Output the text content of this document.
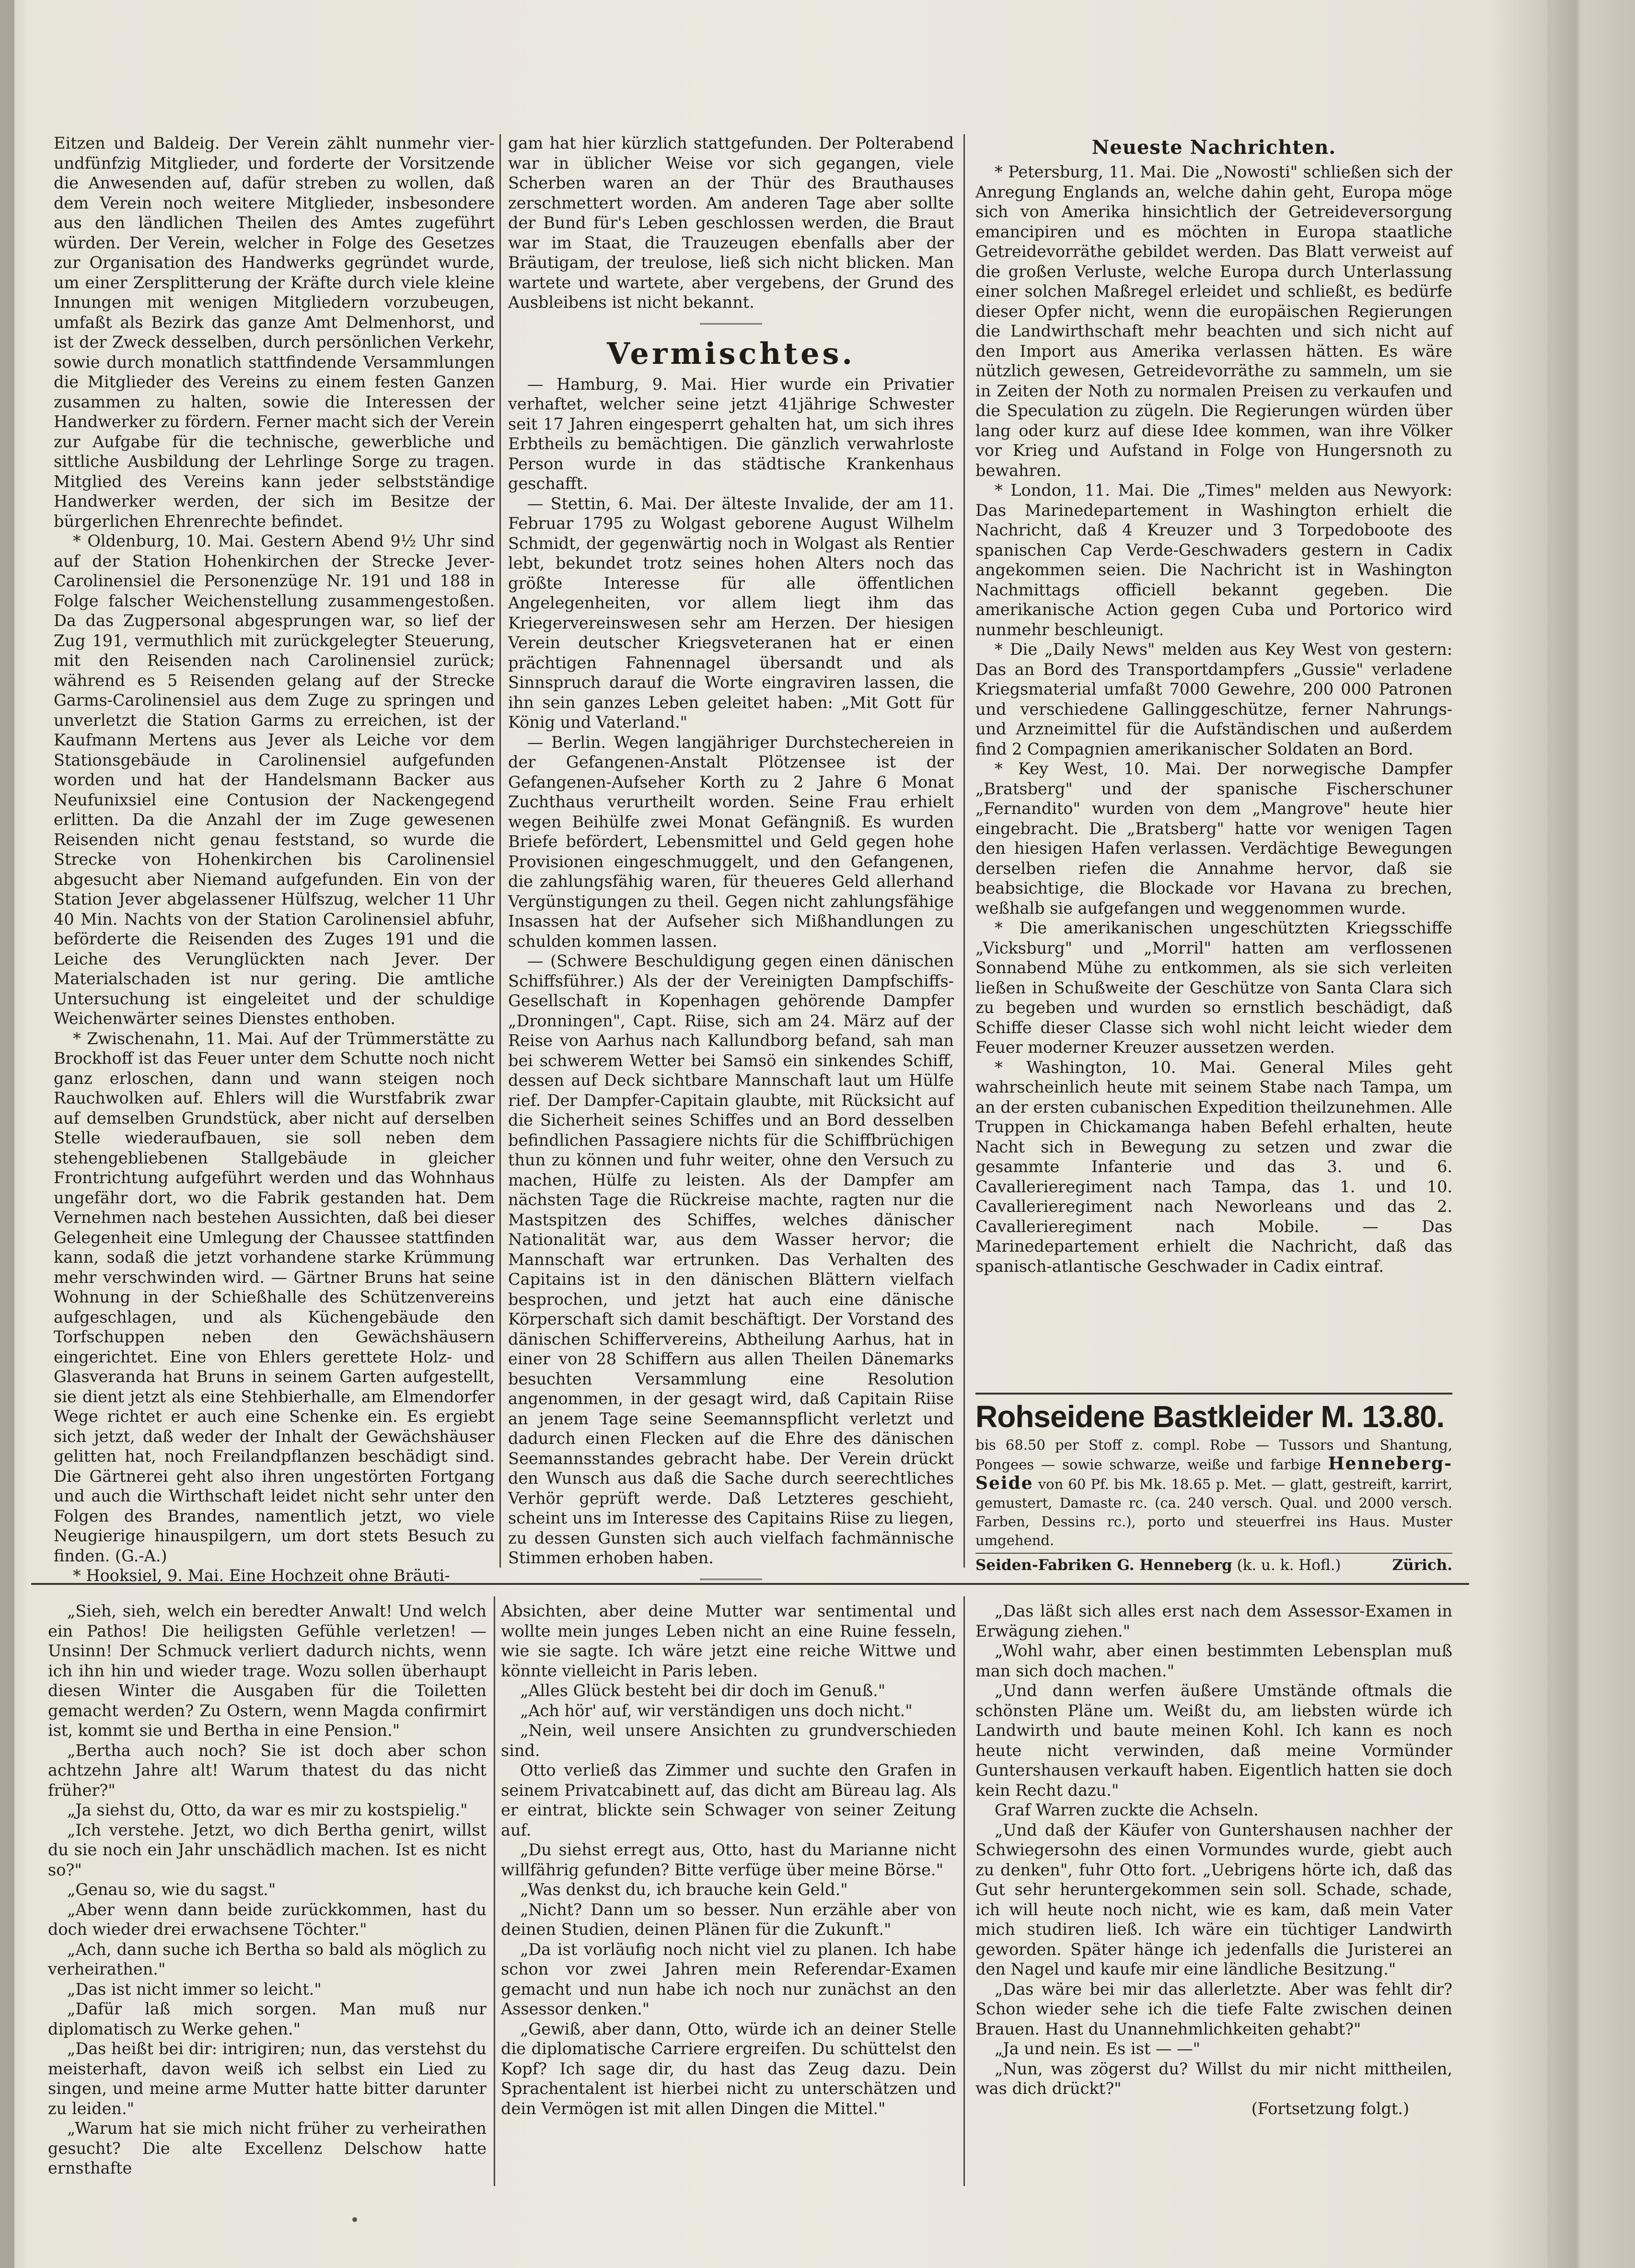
Eitzen und Baldeig. Der Verein zählt nunmehr vier-undfünfzig Mitglieder, und forderte der Vorsitzende die Anwesenden auf, dafür streben zu wollen, daß dem Verein noch weitere Mitglieder, insbesondere aus den ländlichen Theilen des Amtes zugeführt würden. Der Verein, welcher in Folge des Gesetzes zur Organisation des Handwerks gegründet wurde, um einer Zersplitterung der Kräfte durch viele kleine Innungen mit wenigen Mitgliedern vorzubeugen, umfaßt als Bezirk das ganze Amt Delmenhorst, und ist der Zweck desselben, durch persönlichen Verkehr, sowie durch monatlich stattfindende Versammlungen die Mitglieder des Vereins zu einem festen Ganzen zusammen zu halten, sowie die Interessen der Handwerker zu fördern. Ferner macht sich der Verein zur Aufgabe für die technische, gewerbliche und sittliche Ausbildung der Lehrlinge Sorge zu tragen. Mitglied des Vereins kann jeder selbstständige Handwerker werden, der sich im Besitze der bürgerlichen Ehrenrechte befindet.

* Oldenburg, 10. Mai. Gestern Abend 9½ Uhr sind auf der Station Hohenkirchen der Strecke Jever-Carolinensiel die Personenzüge Nr. 191 und 188 in Folge falscher Weichenstellung zusammengestoßen. Da das Zugpersonal abgesprungen war, so lief der Zug 191, vermuthlich mit zurückgelegter Steuerung, mit den Reisenden nach Carolinensiel zurück; während es 5 Reisenden gelang auf der Strecke Garms-Carolinensiel aus dem Zuge zu springen und unverletzt die Station Garms zu erreichen, ist der Kaufmann Mertens aus Jever als Leiche vor dem Stationsgebäude in Carolinensiel aufgefunden worden und hat der Handelsmann Backer aus Neufunixsiel eine Contusion der Nackengegend erlitten. Da die Anzahl der im Zuge gewesenen Reisenden nicht genau feststand, so wurde die Strecke von Hohenkirchen bis Carolinensiel abgesucht aber Niemand aufgefunden. Ein von der Station Jever abgelassener Hülfszug, welcher 11 Uhr 40 Min. Nachts von der Station Carolinensiel abfuhr, beförderte die Reisenden des Zuges 191 und die Leiche des Verunglückten nach Jever. Der Materialschaden ist nur gering. Die amtliche Untersuchung ist eingeleitet und der schuldige Weichenwärter seines Dienstes enthoben.

* Zwischenahn, 11. Mai. Auf der Trümmerstätte zu Brockhoff ist das Feuer unter dem Schutte noch nicht ganz erloschen, dann und wann steigen noch Rauchwolken auf. Ehlers will die Wurstfabrik zwar auf demselben Grundstück, aber nicht auf derselben Stelle wiederaufbauen, sie soll neben dem stehengebliebenen Stallgebäude in gleicher Frontrichtung aufgeführt werden und das Wohnhaus ungefähr dort, wo die Fabrik gestanden hat. Dem Vernehmen nach bestehen Aussichten, daß bei dieser Gelegenheit eine Umlegung der Chaussee stattfinden kann, sodaß die jetzt vorhandene starke Krümmung mehr verschwinden wird. — Gärtner Bruns hat seine Wohnung in der Schießhalle des Schützenvereins aufgeschlagen, und als Küchengebäude den Torfschuppen neben den Gewächshäusern eingerichtet. Eine von Ehlers gerettete Holz- und Glasveranda hat Bruns in seinem Garten aufgestellt, sie dient jetzt als eine Stehbierhalle, am Elmendorfer Wege richtet er auch eine Schenke ein. Es ergiebt sich jetzt, daß weder der Inhalt der Gewächshäuser gelitten hat, noch Freilandpflanzen beschädigt sind. Die Gärtnerei geht also ihren ungestörten Fortgang und auch die Wirthschaft leidet nicht sehr unter den Folgen des Brandes, namentlich jetzt, wo viele Neugierige hinauspilgern, um dort stets Besuch zu finden. (G.-A.)

* Hooksiel, 9. Mai. Eine Hochzeit ohne Bräuti-

gam hat hier kürzlich stattgefunden. Der Polterabend war in üblicher Weise vor sich gegangen, viele Scherben waren an der Thür des Brauthauses zerschmettert worden. Am anderen Tage aber sollte der Bund für's Leben geschlossen werden, die Braut war im Staat, die Trauzeugen ebenfalls aber der Bräutigam, der treulose, ließ sich nicht blicken. Man wartete und wartete, aber vergebens, der Grund des Ausbleibens ist nicht bekannt.

Vermischtes.

— Hamburg, 9. Mai. Hier wurde ein Privatier verhaftet, welcher seine jetzt 41jährige Schwester seit 17 Jahren eingesperrt gehalten hat, um sich ihres Erbtheils zu bemächtigen. Die gänzlich verwahrloste Person wurde in das städtische Krankenhaus geschafft.

— Stettin, 6. Mai. Der älteste Invalide, der am 11. Februar 1795 zu Wolgast geborene August Wilhelm Schmidt, der gegenwärtig noch in Wolgast als Rentier lebt, bekundet trotz seines hohen Alters noch das größte Interesse für alle öffentlichen Angelegenheiten, vor allem liegt ihm das Kriegervereinswesen sehr am Herzen. Der hiesigen Verein deutscher Kriegsveteranen hat er einen prächtigen Fahnennagel übersandt und als Sinnspruch darauf die Worte eingraviren lassen, die ihn sein ganzes Leben geleitet haben: „Mit Gott für König und Vaterland."

— Berlin. Wegen langjähriger Durchstechereien in der Gefangenen-Anstalt Plötzensee ist der Gefangenen-Aufseher Korth zu 2 Jahre 6 Monat Zuchthaus verurtheilt worden. Seine Frau erhielt wegen Beihülfe zwei Monat Gefängniß. Es wurden Briefe befördert, Lebensmittel und Geld gegen hohe Provisionen eingeschmuggelt, und den Gefangenen, die zahlungsfähig waren, für theueres Geld allerhand Vergünstigungen zu theil. Gegen nicht zahlungsfähige Insassen hat der Aufseher sich Mißhandlungen zu schulden kommen lassen.

— (Schwere Beschuldigung gegen einen dänischen Schiffsführer.) Als der der Vereinigten Dampfschiffs-Gesellschaft in Kopenhagen gehörende Dampfer „Dronningen", Capt. Riise, sich am 24. März auf der Reise von Aarhus nach Kallundborg befand, sah man bei schwerem Wetter bei Samsö ein sinkendes Schiff, dessen auf Deck sichtbare Mannschaft laut um Hülfe rief. Der Dampfer-Capitain glaubte, mit Rücksicht auf die Sicherheit seines Schiffes und an Bord desselben befindlichen Passagiere nichts für die Schiffbrüchigen thun zu können und fuhr weiter, ohne den Versuch zu machen, Hülfe zu leisten. Als der Dampfer am nächsten Tage die Rückreise machte, ragten nur die Mastspitzen des Schiffes, welches dänischer Nationalität war, aus dem Wasser hervor; die Mannschaft war ertrunken. Das Verhalten des Capitains ist in den dänischen Blättern vielfach besprochen, und jetzt hat auch eine dänische Körperschaft sich damit beschäftigt. Der Vorstand des dänischen Schiffervereins, Abtheilung Aarhus, hat in einer von 28 Schiffern aus allen Theilen Dänemarks besuchten Versammlung eine Resolution angenommen, in der gesagt wird, daß Capitain Riise an jenem Tage seine Seemannspflicht verletzt und dadurch einen Flecken auf die Ehre des dänischen Seemannsstandes gebracht habe. Der Verein drückt den Wunsch aus daß die Sache durch seerechtliches Verhör geprüft werde. Daß Letzteres geschieht, scheint uns im Interesse des Capitains Riise zu liegen, zu dessen Gunsten sich auch vielfach fachmännische Stimmen erhoben haben.

Neueste Nachrichten.

* Petersburg, 11. Mai. Die „Nowosti" schließen sich der Anregung Englands an, welche dahin geht, Europa möge sich von Amerika hinsichtlich der Getreideversorgung emancipiren und es möchten in Europa staatliche Getreidevorräthe gebildet werden. Das Blatt verweist auf die großen Verluste, welche Europa durch Unterlassung einer solchen Maßregel erleidet und schließt, es bedürfe dieser Opfer nicht, wenn die europäischen Regierungen die Landwirthschaft mehr beachten und sich nicht auf den Import aus Amerika verlassen hätten. Es wäre nützlich gewesen, Getreidevorräthe zu sammeln, um sie in Zeiten der Noth zu normalen Preisen zu verkaufen und die Speculation zu zügeln. Die Regierungen würden über lang oder kurz auf diese Idee kommen, wan ihre Völker vor Krieg und Aufstand in Folge von Hungersnoth zu bewahren.

* London, 11. Mai. Die „Times" melden aus Newyork: Das Marinedepartement in Washington erhielt die Nachricht, daß 4 Kreuzer und 3 Torpedoboote des spanischen Cap Verde-Geschwaders gestern in Cadix angekommen seien. Die Nachricht ist in Washington Nachmittags officiell bekannt gegeben. Die amerikanische Action gegen Cuba und Portorico wird nunmehr beschleunigt.

* Die „Daily News" melden aus Key West von gestern: Das an Bord des Transportdampfers „Gussie" verladene Kriegsmaterial umfaßt 7000 Gewehre, 200 000 Patronen und verschiedene Gallinggeschütze, ferner Nahrungs- und Arzneimittel für die Aufständischen und außerdem find 2 Compagnien amerikanischer Soldaten an Bord.

* Key West, 10. Mai. Der norwegische Dampfer „Bratsberg" und der spanische Fischerschuner „Fernandito" wurden von dem „Mangrove" heute hier eingebracht. Die „Bratsberg" hatte vor wenigen Tagen den hiesigen Hafen verlassen. Verdächtige Bewegungen derselben riefen die Annahme hervor, daß sie beabsichtige, die Blockade vor Havana zu brechen, weßhalb sie aufgefangen und weggenommen wurde.

* Die amerikanischen ungeschützten Kriegsschiffe „Vicksburg" und „Morril" hatten am verflossenen Sonnabend Mühe zu entkommen, als sie sich verleiten ließen in Schußweite der Geschütze von Santa Clara sich zu begeben und wurden so ernstlich beschädigt, daß Schiffe dieser Classe sich wohl nicht leicht wieder dem Feuer moderner Kreuzer aussetzen werden.

* Washington, 10. Mai. General Miles geht wahrscheinlich heute mit seinem Stabe nach Tampa, um an der ersten cubanischen Expedition theilzunehmen. Alle Truppen in Chickamanga haben Befehl erhalten, heute Nacht sich in Bewegung zu setzen und zwar die gesammte Infanterie und das 3. und 6. Cavallerieregiment nach Tampa, das 1. und 10. Cavallerieregiment nach Neworleans und das 2. Cavallerieregiment nach Mobile. — Das Marinedepartement erhielt die Nachricht, daß das spanisch-atlantische Geschwader in Cadix eintraf.

Rohseidene Bastkleider M. 13.80.
bis 68.50 per Stoff z. compl. Robe — Tussors und Shantung, Pongees — sowie schwarze, weiße und farbige Henneberg- Seide von 60 Pf. bis Mk. 18.65 p. Met. — glatt, gestreift, karrirt, gemustert, Damaste rc. (ca. 240 versch. Qual. und 2000 versch. Farben, Dessins rc.), porto und steuerfrei ins Haus. Muster umgehend.
Seiden-Fabriken G. Henneberg (k. u. k. Hofl.)	Zürich.

„Sieh, sieh, welch ein beredter Anwalt! Und welch ein Pathos! Die heiligsten Gefühle verletzen! — Unsinn! Der Schmuck verliert dadurch nichts, wenn ich ihn hin und wieder trage. Wozu sollen überhaupt diesen Winter die Ausgaben für die Toiletten gemacht werden? Zu Ostern, wenn Magda confirmirt ist, kommt sie und Bertha in eine Pension."

„Bertha auch noch? Sie ist doch aber schon achtzehn Jahre alt! Warum thatest du das nicht früher?"

„Ja siehst du, Otto, da war es mir zu kostspielig."

„Ich verstehe. Jetzt, wo dich Bertha genirt, willst du sie noch ein Jahr unschädlich machen. Ist es nicht so?"

„Genau so, wie du sagst."

„Aber wenn dann beide zurückkommen, hast du doch wieder drei erwachsene Töchter."

„Ach, dann suche ich Bertha so bald als möglich zu verheirathen."

„Das ist nicht immer so leicht."

„Dafür laß mich sorgen. Man muß nur diplomatisch zu Werke gehen."

„Das heißt bei dir: intrigiren; nun, das verstehst du meisterhaft, davon weiß ich selbst ein Lied zu singen, und meine arme Mutter hatte bitter darunter zu leiden."

„Warum hat sie mich nicht früher zu verheirathen gesucht? Die alte Excellenz Delschow hatte ernsthafte

Absichten, aber deine Mutter war sentimental und wollte mein junges Leben nicht an eine Ruine fesseln, wie sie sagte. Ich wäre jetzt eine reiche Wittwe und könnte vielleicht in Paris leben.

„Alles Glück besteht bei dir doch im Genuß."

„Ach hör' auf, wir verständigen uns doch nicht."

„Nein, weil unsere Ansichten zu grundverschieden sind.

Otto verließ das Zimmer und suchte den Grafen in seinem Privatcabinett auf, das dicht am Büreau lag. Als er eintrat, blickte sein Schwager von seiner Zeitung auf.

„Du siehst erregt aus, Otto, hast du Marianne nicht willfährig gefunden? Bitte verfüge über meine Börse."

„Was denkst du, ich brauche kein Geld."

„Nicht? Dann um so besser. Nun erzähle aber von deinen Studien, deinen Plänen für die Zukunft."

„Da ist vorläufig noch nicht viel zu planen. Ich habe schon vor zwei Jahren mein Referendar-Examen gemacht und nun habe ich noch nur zunächst an den Assessor denken."

„Gewiß, aber dann, Otto, würde ich an deiner Stelle die diplomatische Carriere ergreifen. Du schüttelst den Kopf? Ich sage dir, du hast das Zeug dazu. Dein Sprachentalent ist hierbei nicht zu unterschätzen und dein Vermögen ist mit allen Dingen die Mittel."

„Das läßt sich alles erst nach dem Assessor-Examen in Erwägung ziehen."

„Wohl wahr, aber einen bestimmten Lebensplan muß man sich doch machen."

„Und dann werfen äußere Umstände oftmals die schönsten Pläne um. Weißt du, am liebsten würde ich Landwirth und baute meinen Kohl. Ich kann es noch heute nicht verwinden, daß meine Vormünder Guntershausen verkauft haben. Eigentlich hatten sie doch kein Recht dazu."

Graf Warren zuckte die Achseln.

„Und daß der Käufer von Guntershausen nachher der Schwiegersohn des einen Vormundes wurde, giebt auch zu denken", fuhr Otto fort. „Uebrigens hörte ich, daß das Gut sehr heruntergekommen sein soll. Schade, schade, ich will heute noch nicht, wie es kam, daß mein Vater mich studiren ließ. Ich wäre ein tüchtiger Landwirth geworden. Später hänge ich jedenfalls die Juristerei an den Nagel und kaufe mir eine ländliche Besitzung."

„Das wäre bei mir das allerletzte. Aber was fehlt dir? Schon wieder sehe ich die tiefe Falte zwischen deinen Brauen. Hast du Unannehmlichkeiten gehabt?"

„Ja und nein. Es ist — —"

„Nun, was zögerst du? Willst du mir nicht mittheilen, was dich drückt?"

(Fortsetzung folgt.)
